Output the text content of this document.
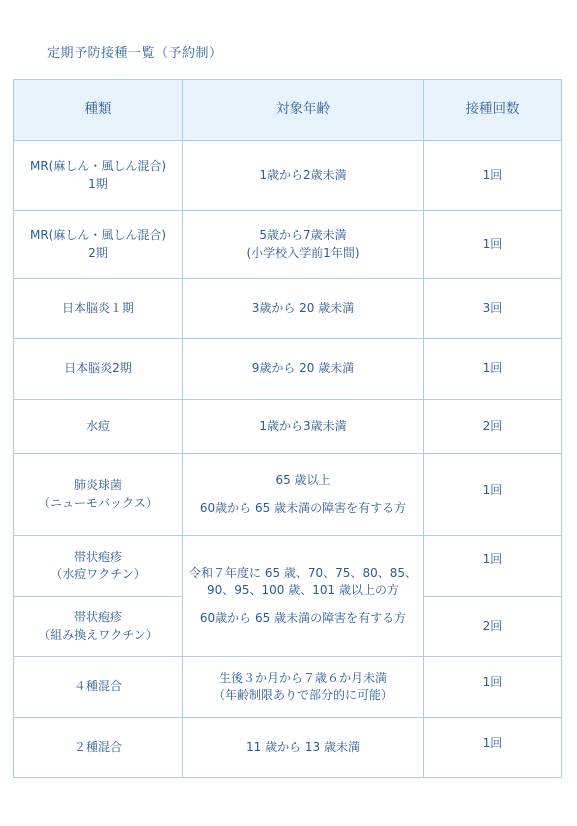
定期予防接種一覧（予約制）
種類	対象年齢	接種回数

MR(麻しん・風しん混合)
1期	1歳から2歳未満	1回

MR(麻しん・風しん混合)
2期	5歳から7歳未満
(小学校入学前1年間)	1回
日本脳炎１期	3歳から 20 歳未満	3回
日本脳炎2期	9歳から 20 歳未満	1回
水痘	1歳から3歳未満	2回

肺炎球菌
（ニューモバックス）	65 歳以上
60歳から 65 歳未満の障害を有する方	1回

帯状疱疹
（水痘ワクチン）	令和７年度に 65 歳、70、75、80、85、
90、95、100 歳、101 歳以上の方
60歳から 65 歳未満の障害を有する方	1回

帯状疱疹
（組み換えワクチン）		2回
４種混合	生後３か月から７歳６か月未満
（年齢制限ありで部分的に可能）	1回
２種混合	11 歳から 13 歳未満	1回
